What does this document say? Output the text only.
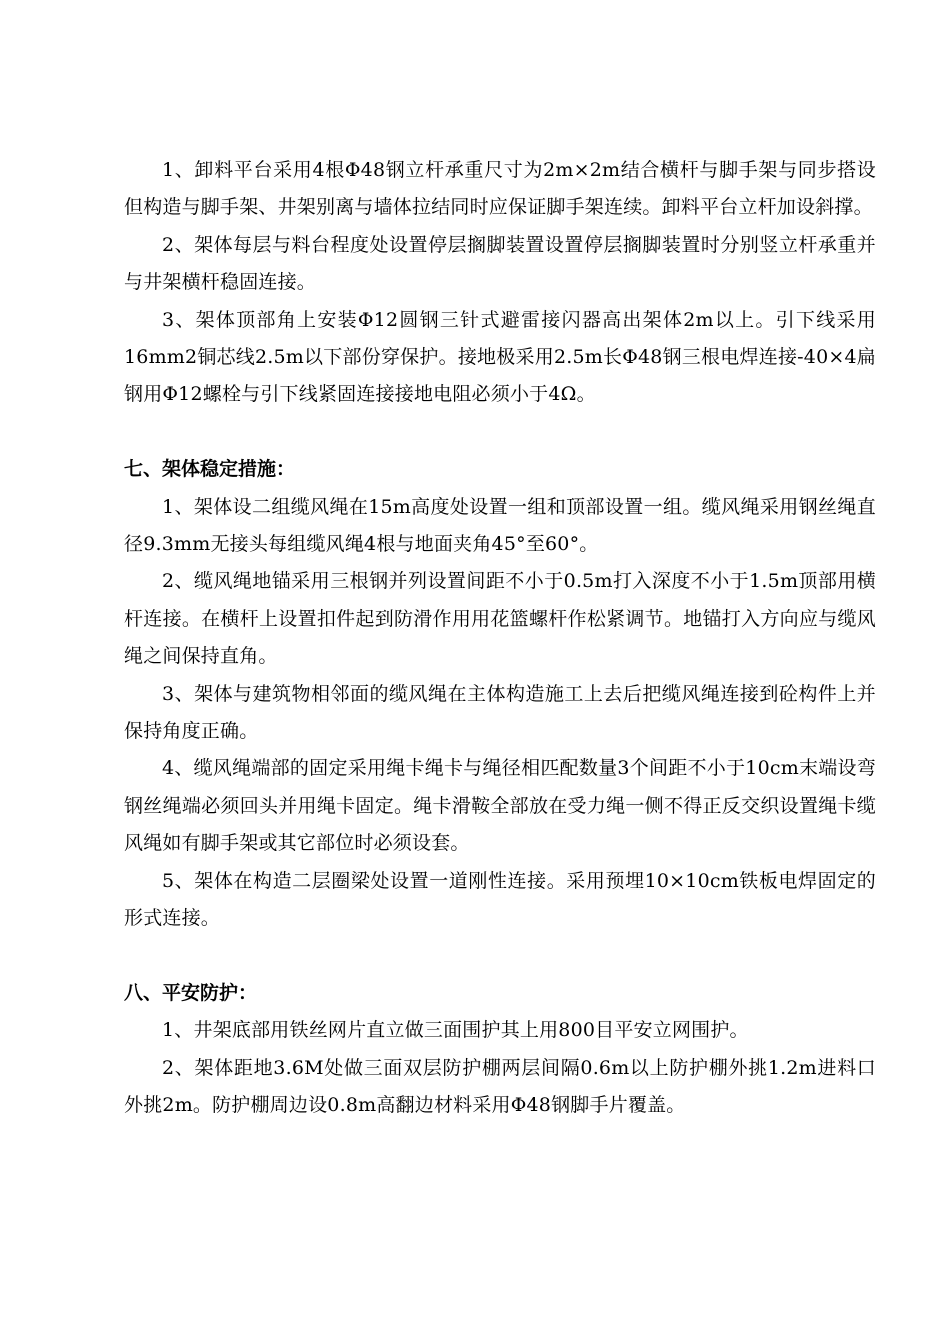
1、卸料平台采用4根Φ48钢立杆承重尺寸为2m×2m结合横杆与脚手架与同步搭设但构造与脚手架、井架别离与墙体拉结同时应保证脚手架连续。卸料平台立杆加设斜撑。

2、架体每层与料台程度处设置停层搁脚装置设置停层搁脚装置时分别竖立杆承重并与井架横杆稳固连接。

3、架体顶部角上安装Φ12圆钢三针式避雷接闪器高出架体2m以上。引下线采用16mm2铜芯线2.5m以下部份穿保护。接地极采用2.5m长Φ48钢三根电焊连接-40×4扁钢用Φ12螺栓与引下线紧固连接接地电阻必须小于4Ω。

七、架体稳定措施：

1、架体设二组缆风绳在15m高度处设置一组和顶部设置一组。缆风绳采用钢丝绳直径9.3mm无接头每组缆风绳4根与地面夹角45°至60°。

2、缆风绳地锚采用三根钢并列设置间距不小于0.5m打入深度不小于1.5m顶部用横杆连接。在横杆上设置扣件起到防滑作用用花篮螺杆作松紧调节。地锚打入方向应与缆风绳之间保持直角。

3、架体与建筑物相邻面的缆风绳在主体构造施工上去后把缆风绳连接到砼构件上并保持角度正确。

4、缆风绳端部的固定采用绳卡绳卡与绳径相匹配数量3个间距不小于10cm末端设弯钢丝绳端必须回头并用绳卡固定。绳卡滑鞍全部放在受力绳一侧不得正反交织设置绳卡缆风绳如有脚手架或其它部位时必须设套。

5、架体在构造二层圈梁处设置一道刚性连接。采用预埋10×10cm铁板电焊固定的形式连接。

八、平安防护：

1、井架底部用铁丝网片直立做三面围护其上用800目平安立网围护。

2、架体距地3.6M处做三面双层防护棚两层间隔0.6m以上防护棚外挑1.2m进料口外挑2m。防护棚周边设0.8m高翻边材料采用Φ48钢脚手片覆盖。
